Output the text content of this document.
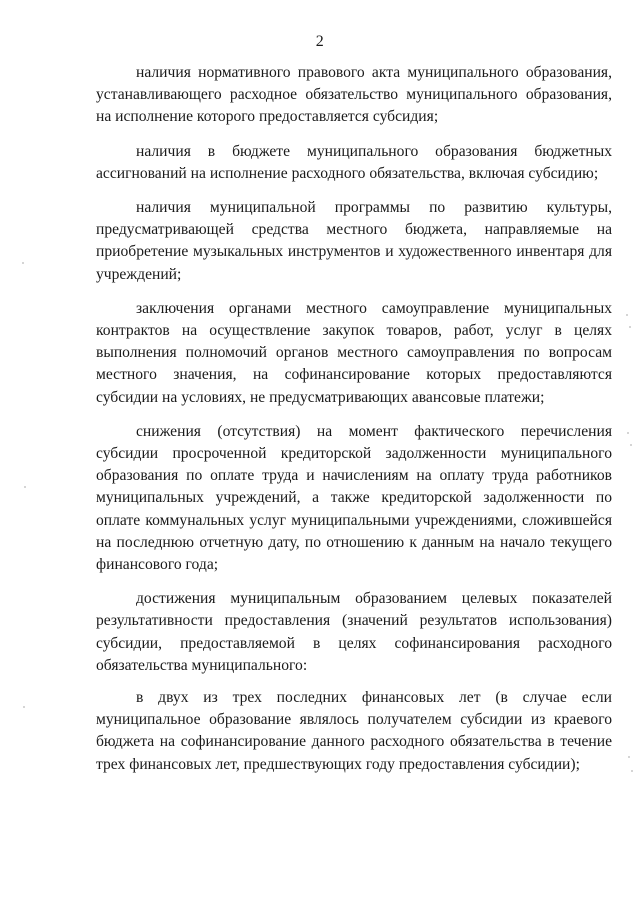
2

наличия нормативного правового акта муниципального образования, устанавливающего расходное обязательство муниципального образования, на исполнение которого предоставляется субсидия;

наличия в бюджете муниципального образования бюджетных ассигнований на исполнение расходного обязательства, включая субсидию;

наличия муниципальной программы по развитию культуры, предусматривающей средства местного бюджета, направляемые на приобретение музыкальных инструментов и художественного инвентаря для учреждений;

заключения органами местного самоуправление муниципальных контрактов на осуществление закупок товаров, работ, услуг в целях выполнения полномочий органов местного самоуправления по вопросам местного значения, на софинансирование которых предоставляются субсидии на условиях, не предусматривающих авансовые платежи;

снижения (отсутствия) на момент фактического перечисления субсидии просроченной кредиторской задолженности муниципального образования по оплате труда и начислениям на оплату труда работников муниципальных учреждений, а также кредиторской задолженности по оплате коммунальных услуг муниципальными учреждениями, сложившейся на последнюю отчетную дату, по отношению к данным на начало текущего финансового года;

достижения муниципальным образованием целевых показателей результативности предоставления (значений результатов использования) субсидии, предоставляемой в целях софинансирования расходного обязательства муниципального:

в двух из трех последних финансовых лет (в случае если муниципальное образование являлось получателем субсидии из краевого бюджета на софинансирование данного расходного обязательства в течение трех финансовых лет, предшествующих году предоставления субсидии);
